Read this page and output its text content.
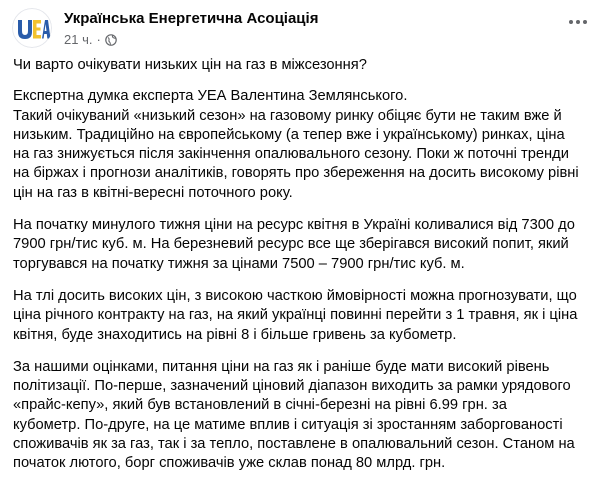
Українська Енергетична Асоціація
21 ч. ·

Чи варто очікувати низьких цін на газ в міжсезоння?

Експертна думка експерта УЕА Валентина Землянського.
Такий очікуваний «низький сезон» на газовому ринку обіцяє бути не таким вже й
низьким. Традиційно на європейському (а тепер вже і українському) ринках, ціна
на газ знижується після закінчення опалювального сезону. Поки ж поточні тренди
на біржах і прогнози аналітиків, говорять про збереження на досить високому рівні
цін на газ в квітні-вересні поточного року.

На початку минулого тижня ціни на ресурс квітня в Україні коливалися від 7300 до
7900 грн/тис куб. м. На березневий ресурс все ще зберігався високий попит, який
торгувався на початку тижня за цінами 7500 – 7900 грн/тис куб. м.

На тлі досить високих цін, з високою часткою ймовірності можна прогнозувати, що
ціна річного контракту на газ, на який українці повинні перейти з 1 травня, як і ціна
квітня, буде знаходитись на рівні 8 і більше гривень за кубометр.

За нашими оцінками, питання ціни на газ як і раніше буде мати високий рівень
політизації. По-перше, зазначений ціновий діапазон виходить за рамки урядового
«прайс-кепу», який був встановлений в січні-березні на рівні 6.99 грн. за
кубометр. По-друге, на це матиме вплив і ситуація зі зростанням заборгованості
споживачів як за газ, так і за тепло, поставлене в опалювальний сезон. Станом на
початок лютого, борг споживачів уже склав понад 80 млрд. грн.
